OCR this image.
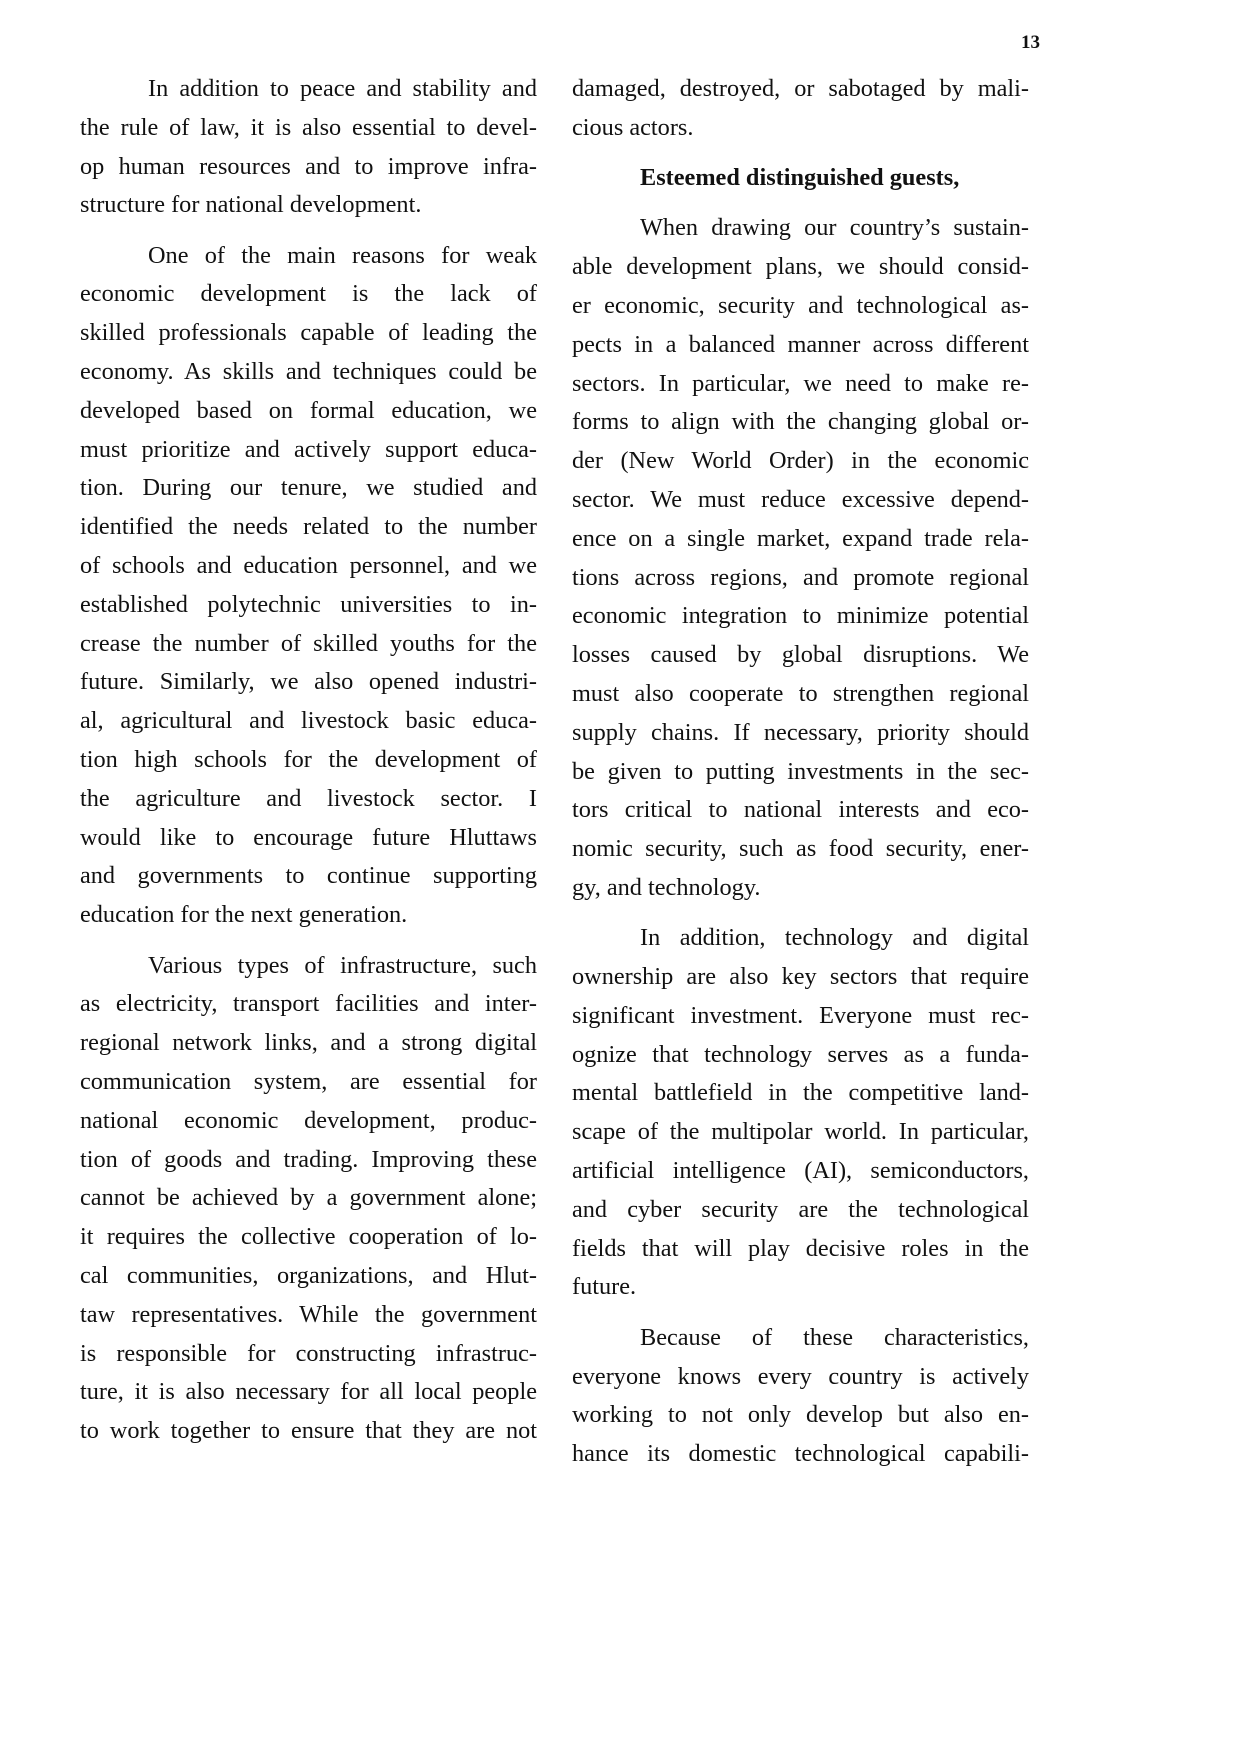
13
In addition to peace and stability and
the rule of law, it is also essential to devel-
op human resources and to improve infra-
structure for national development.
One of the main reasons for weak
economic development is the lack of
skilled professionals capable of leading the
economy. As skills and techniques could be
developed based on formal education, we
must prioritize and actively support educa-
tion. During our tenure, we studied and
identified the needs related to the number
of schools and education personnel, and we
established polytechnic universities to in-
crease the number of skilled youths for the
future. Similarly, we also opened industri-
al, agricultural and livestock basic educa-
tion high schools for the development of
the agriculture and livestock sector. I
would like to encourage future Hluttaws
and governments to continue supporting
education for the next generation.
Various types of infrastructure, such
as electricity, transport facilities and inter-
regional network links, and a strong digital
communication system, are essential for
national economic development, produc-
tion of goods and trading. Improving these
cannot be achieved by a government alone;
it requires the collective cooperation of lo-
cal communities, organizations, and Hlut-
taw representatives. While the government
is responsible for constructing infrastruc-
ture, it is also necessary for all local people
to work together to ensure that they are not
damaged, destroyed, or sabotaged by mali-
cious actors.
Esteemed distinguished guests,
When drawing our country’s sustain-
able development plans, we should consid-
er economic, security and technological as-
pects in a balanced manner across different
sectors. In particular, we need to make re-
forms to align with the changing global or-
der (New World Order) in the economic
sector. We must reduce excessive depend-
ence on a single market, expand trade rela-
tions across regions, and promote regional
economic integration to minimize potential
losses caused by global disruptions. We
must also cooperate to strengthen regional
supply chains. If necessary, priority should
be given to putting investments in the sec-
tors critical to national interests and eco-
nomic security, such as food security, ener-
gy, and technology.
In addition, technology and digital
ownership are also key sectors that require
significant investment. Everyone must rec-
ognize that technology serves as a funda-
mental battlefield in the competitive land-
scape of the multipolar world. In particular,
artificial intelligence (AI), semiconductors,
and cyber security are the technological
fields that will play decisive roles in the
future.
Because of these characteristics,
everyone knows every country is actively
working to not only develop but also en-
hance its domestic technological capabili-
